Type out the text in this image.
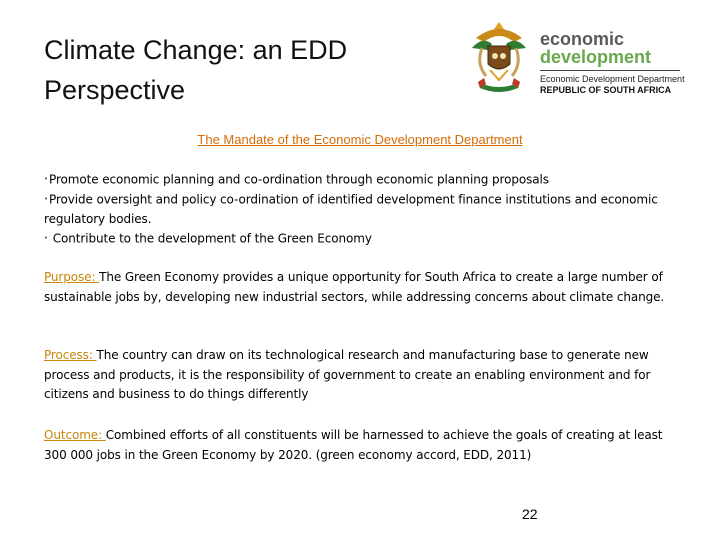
Climate Change: an EDD Perspective
economic
development
Economic Development Department
REPUBLIC OF SOUTH AFRICA
The Mandate of the Economic Development Department
•Promote economic planning and co-ordination through economic planning proposals
•Provide oversight and policy co-ordination of identified development finance institutions and economic regulatory bodies.
• Contribute to the development of the Green Economy
Purpose: The Green Economy provides a unique opportunity for South Africa to create a large number of sustainable jobs by, developing new industrial sectors, while addressing concerns about climate change.
Process: The country can draw on its technological research and manufacturing base to generate new process and products, it is the responsibility of government to create an enabling environment and for citizens and business to do things differently
Outcome: Combined efforts of all constituents will be harnessed to achieve the goals of creating at least 300 000 jobs in the Green Economy by 2020. (green economy accord, EDD, 2011)
22
